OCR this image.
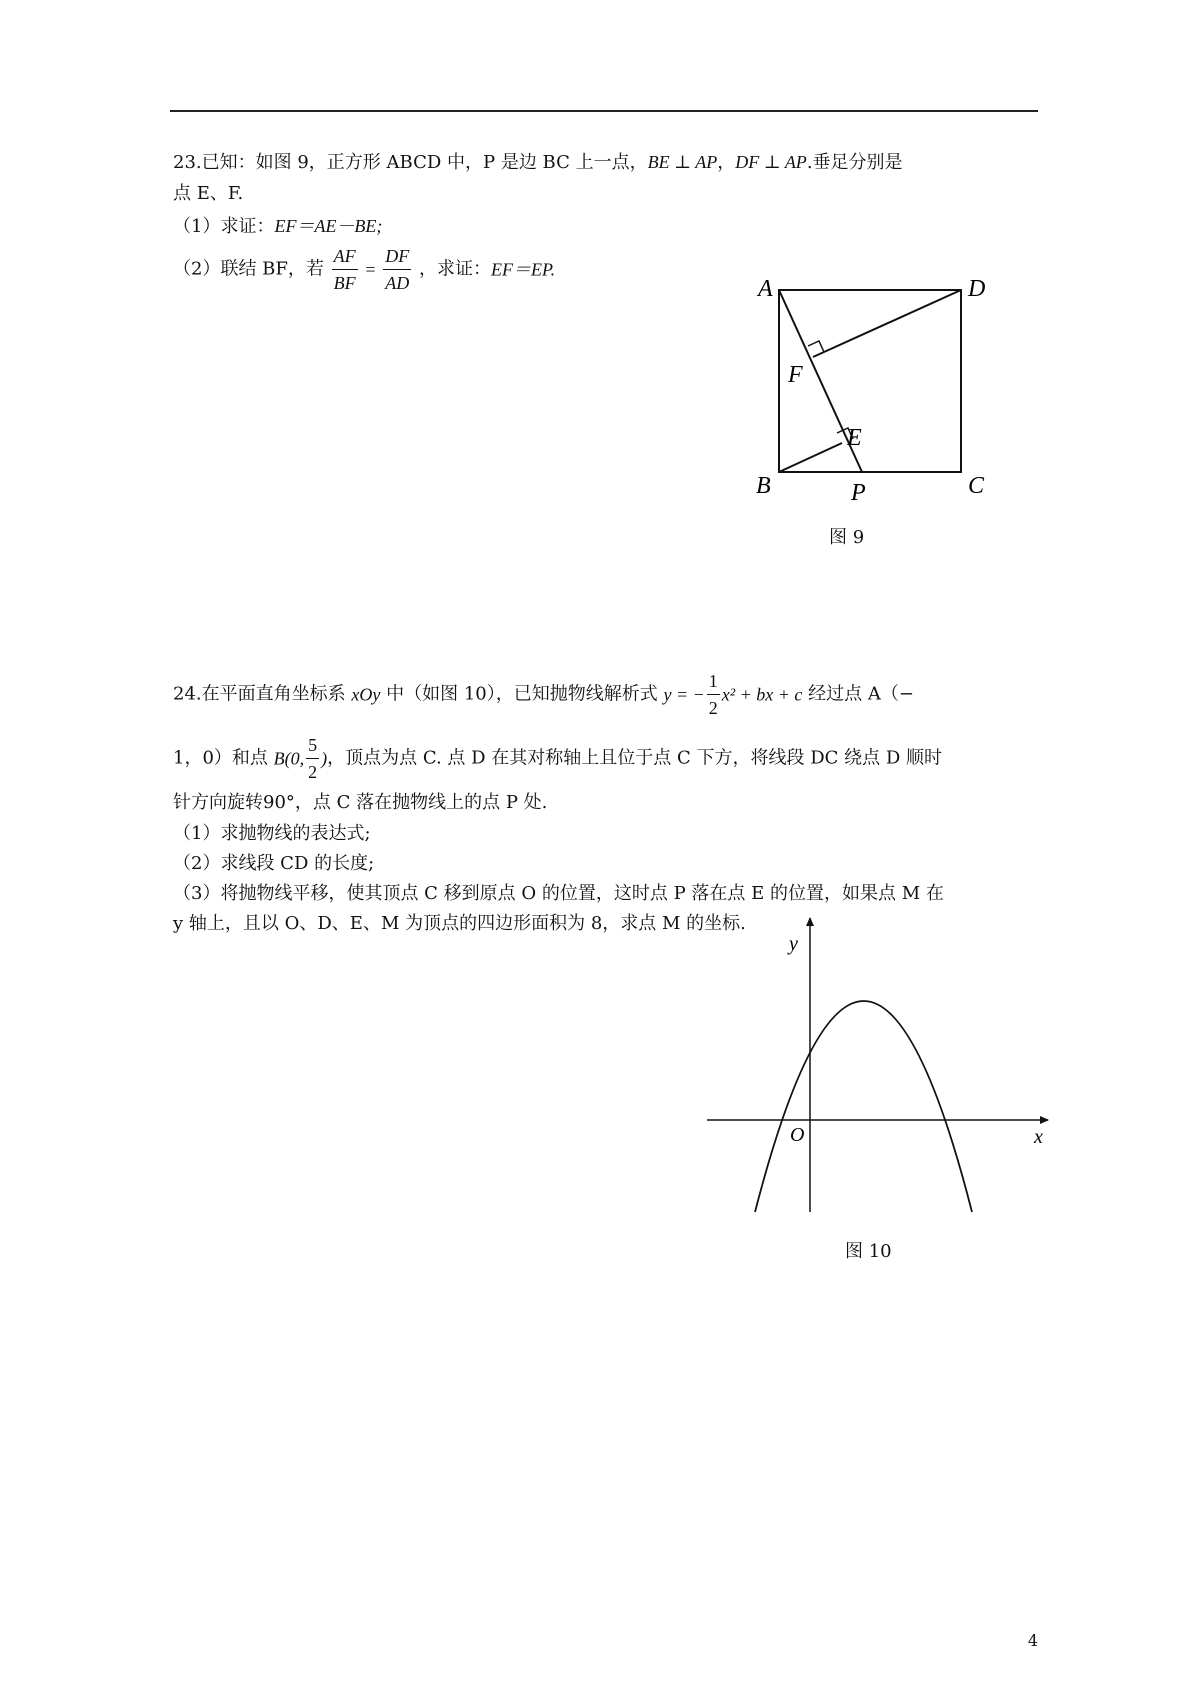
23.已知：如图 9，正方形 ABCD 中，P 是边 BC 上一点，BE ⊥ AP，DF ⊥ AP.垂足分别是
点 E、F.
（1）求证：EF＝AE－BE;
（2）联结 BF，若 $\frac{AF}{BF} = \frac{DF}{AD}$ ，求证：EF＝EP.
A	D
F
E
B	P	C
图 9
24.在平面直角坐标系 xOy 中（如图 10），已知抛物线解析式 y = − $\frac{1}{2} x^2$ + bx + c 经过点 A（−
1，0）和点 B(0, $\frac{5}{2}$ )，顶点为点 C. 点 D 在其对称轴上且位于点 C 下方，将线段 DC 绕点 D 顺时
针方向旋转90°，点 C 落在抛物线上的点 P 处.
（1）求抛物线的表达式;
（2）求线段 CD 的长度;
（3）将抛物线平移，使其顶点 C 移到原点 O 的位置，这时点 P 落在点 E 的位置，如果点 M 在
y 轴上，且以 O、D、E、M 为顶点的四边形面积为 8，求点 M 的坐标.
y
x
O
图 10
4
